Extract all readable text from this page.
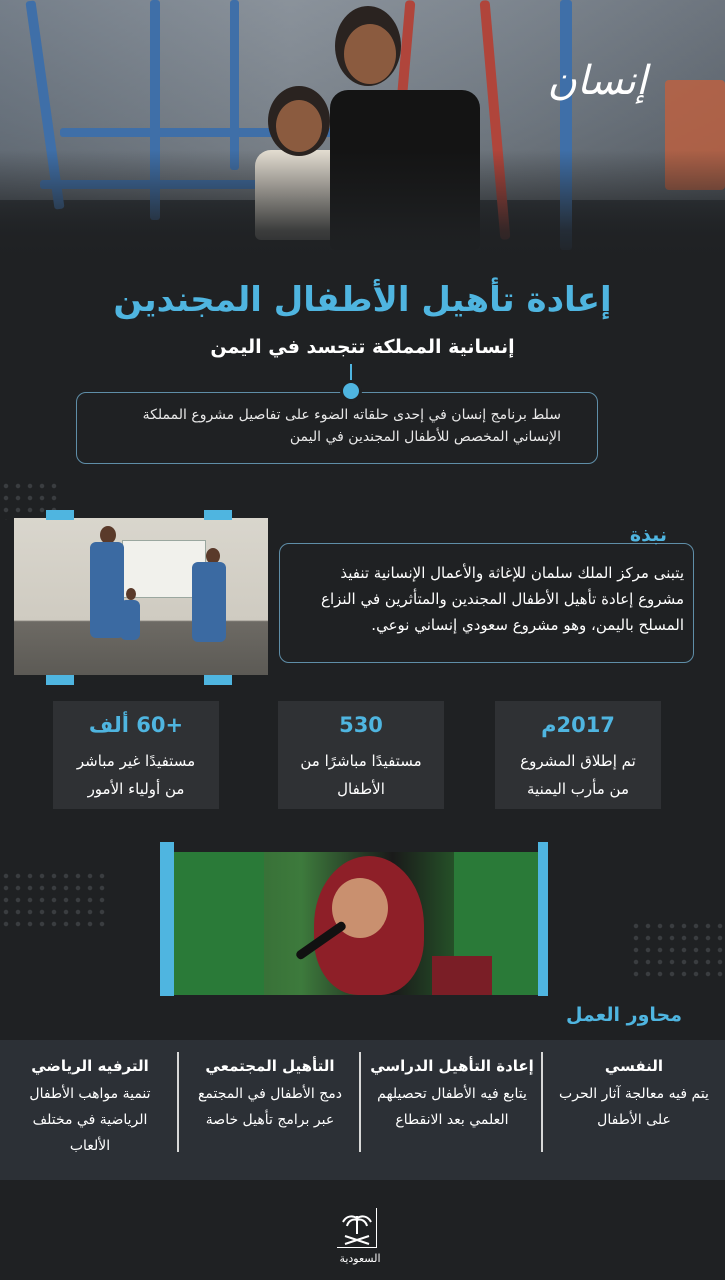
إنسان
إعادة تأهيل الأطفال المجندين
إنسانية المملكة تتجسد في اليمن
سلط برنامج إنسان في إحدى حلقاته الضوء على تفاصيل مشروع المملكة الإنساني المخصص للأطفال المجندين في اليمن
نبذة
يتبنى مركز الملك سلمان للإغاثة والأعمال الإنسانية تنفيذ مشروع إعادة تأهيل الأطفال المجندين والمتأثرين في النزاع المسلح باليمن، وهو مشروع سعودي إنساني نوعي.
2017م
تم إطلاق المشروع
من مأرب اليمنية
530
مستفيدًا مباشرًا من
الأطفال
+60 ألف
مستفيدًا غير مباشر
من أولياء الأمور
محاور العمل
النفسي
يتم فيه معالجة آثار الحرب
على الأطفال
إعادة التأهيل الدراسي
يتابع فيه الأطفال تحصيلهم
العلمي بعد الانقطاع
التأهيل المجتمعي
دمج الأطفال في المجتمع
عبر برامج تأهيل خاصة
الترفيه الرياضي
تنمية مواهب الأطفال
الرياضية في مختلف
الألعاب
السعودية
